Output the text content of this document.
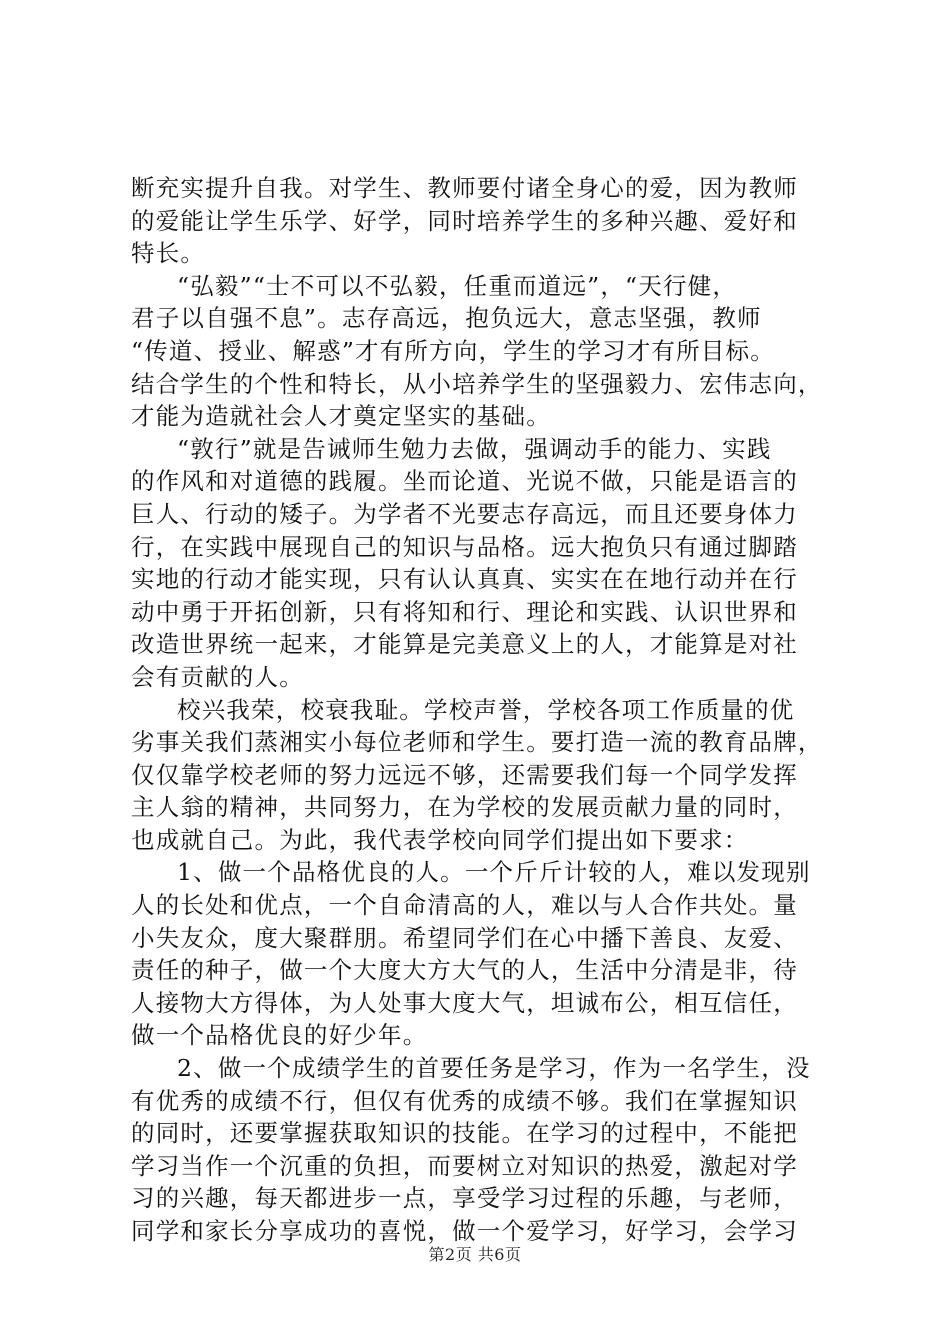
断充实提升自我。对学生、教师要付诸全身心的爱，因为教师
的爱能让学生乐学、好学，同时培养学生的多种兴趣、爱好和
特长。
“弘毅”“士不可以不弘毅，任重而道远”，“天行健，
君子以自强不息”。志存高远，抱负远大，意志坚强，教师
“传道、授业、解惑”才有所方向，学生的学习才有所目标。
结合学生的个性和特长，从小培养学生的坚强毅力、宏伟志向，
才能为造就社会人才奠定坚实的基础。
“敦行”就是告诫师生勉力去做，强调动手的能力、实践
的作风和对道德的践履。坐而论道、光说不做，只能是语言的
巨人、行动的矮子。为学者不光要志存高远，而且还要身体力
行，在实践中展现自己的知识与品格。远大抱负只有通过脚踏
实地的行动才能实现，只有认认真真、实实在在地行动并在行
动中勇于开拓创新，只有将知和行、理论和实践、认识世界和
改造世界统一起来，才能算是完美意义上的人，才能算是对社
会有贡献的人。
校兴我荣，校衰我耻。学校声誉，学校各项工作质量的优
劣事关我们蒸湘实小每位老师和学生。要打造一流的教育品牌，
仅仅靠学校老师的努力远远不够，还需要我们每一个同学发挥
主人翁的精神，共同努力，在为学校的发展贡献力量的同时，
也成就自己。为此，我代表学校向同学们提出如下要求：
1、做一个品格优良的人。一个斤斤计较的人，难以发现别
人的长处和优点，一个自命清高的人，难以与人合作共处。量
小失友众，度大聚群朋。希望同学们在心中播下善良、友爱、
责任的种子，做一个大度大方大气的人，生活中分清是非，待
人接物大方得体，为人处事大度大气，坦诚布公，相互信任，
做一个品格优良的好少年。
2、做一个成绩学生的首要任务是学习，作为一名学生，没
有优秀的成绩不行，但仅有优秀的成绩不够。我们在掌握知识
的同时，还要掌握获取知识的技能。在学习的过程中，不能把
学习当作一个沉重的负担，而要树立对知识的热爱，激起对学
习的兴趣，每天都进步一点，享受学习过程的乐趣，与老师，
同学和家长分享成功的喜悦，做一个爱学习，好学习，会学习
第2页 共6页
